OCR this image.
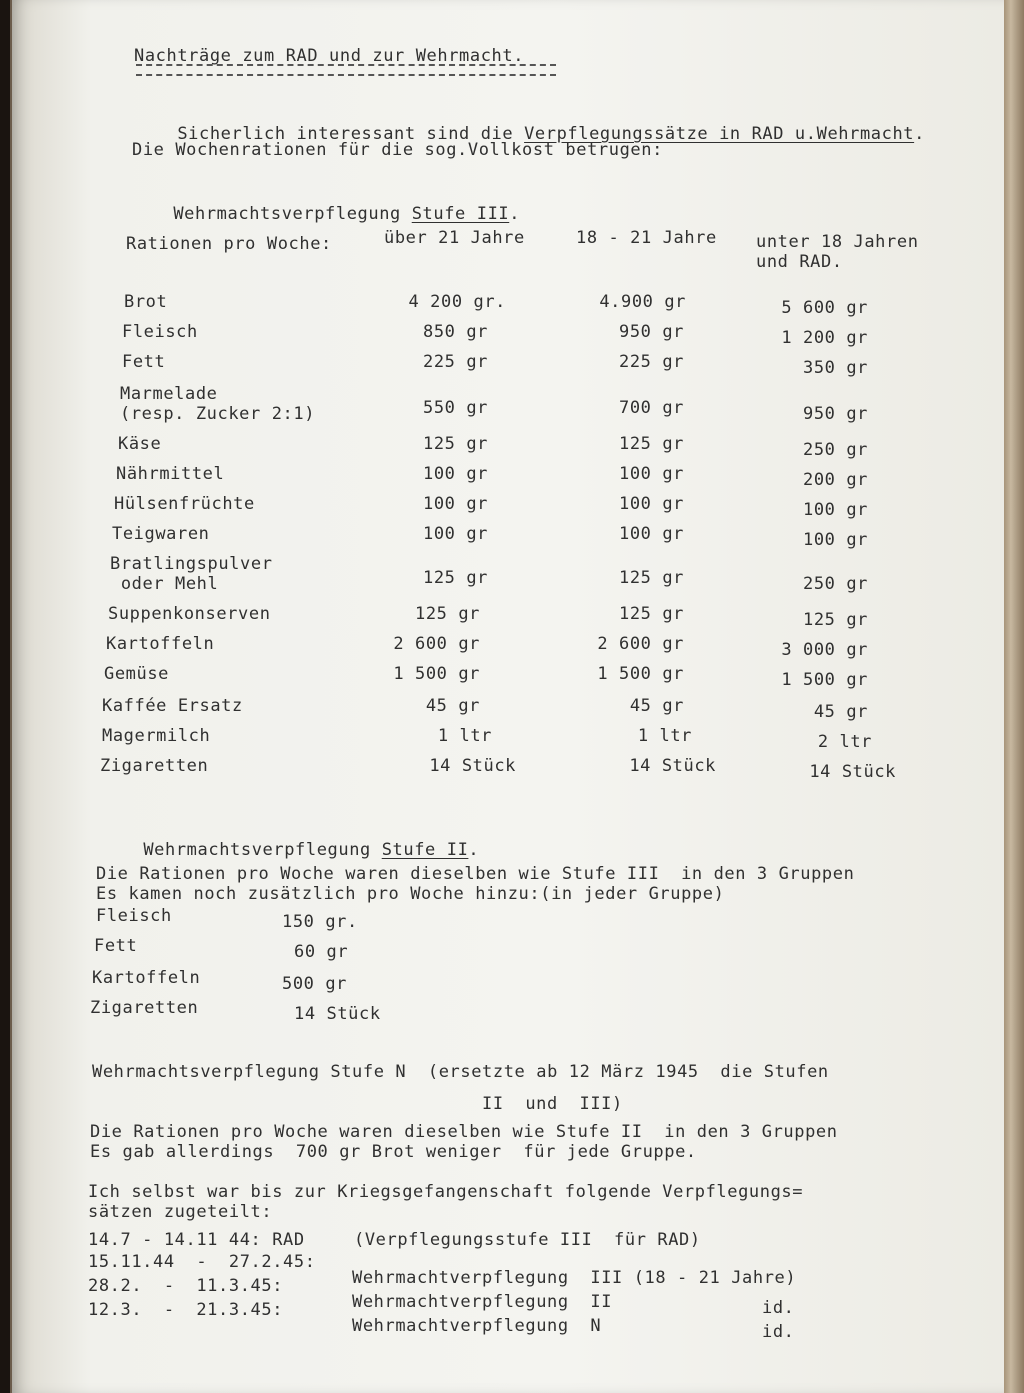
Nachträge zum RAD und zur Wehrmacht.

Sicherlich interessant sind die Verpflegungssätze in RAD u.Wehrmacht.

Die Wochenrationen für die sog.Vollkost betrugen:

Wehrmachtsverpflegung Stufe III.

Rationen pro Woche:	über 21 Jahre	18 - 21 Jahre unter 18 Jahren
und RAD.
Brot	4 200 gr.	4.900 gr	5 600 gr
Fleisch	850 gr	950 gr	1 200 gr
Fett	225 gr	225 gr	350 gr
Marmelade
(resp. Zucker 2:1)	550 gr	700 gr	950 gr
Käse	125 gr	125 gr	250 gr
Nährmittel	100 gr	100 gr	200 gr
Hülsenfrüchte	100 gr	100 gr	100 gr
Teigwaren	100 gr	100 gr	100 gr
Bratlingspulver
oder Mehl	125 gr	125 gr	250 gr
Suppenkonserven	125 gr	125 gr	125 gr
Kartoffeln	2 600 gr	2 600 gr	3 000 gr
Gemüse	1 500 gr	1 500 gr	1 500 gr
Kaffée Ersatz	45 gr	45 gr	45 gr
Magermilch	1 ltr	1 ltr	2 ltr
Zigaretten	14 Stück	14 Stück	14 Stück

Wehrmachtsverpflegung Stufe II.

Die Rationen pro Woche waren dieselben wie Stufe III  in den 3 Gruppen
Es kamen noch zusätzlich pro Woche hinzu:(in jeder Gruppe)
Fleisch	150 gr.
Fett	60 gr
Kartoffeln	500 gr
Zigaretten	14 Stück
Wehrmachtsverpflegung Stufe N  (ersetzte ab 12 März 1945  die Stufen
II  und  III)
Die Rationen pro Woche waren dieselben wie Stufe II  in den 3 Gruppen
Es gab allerdings  700 gr Brot weniger  für jede Gruppe.
Ich selbst war bis zur Kriegsgefangenschaft folgende Verpflegungs=
sätzen zugeteilt:
14.7 - 14.11 44: RAD	(Verpflegungsstufe III  für RAD)
15.11.44  -  27.2.45:
Wehrmachtverpflegung  III (18 - 21 Jahre)
28.2.  -  11.3.45:
Wehrmachtverpflegung  II	id.
12.3.  -  21.3.45:
Wehrmachtverpflegung  N	id.
